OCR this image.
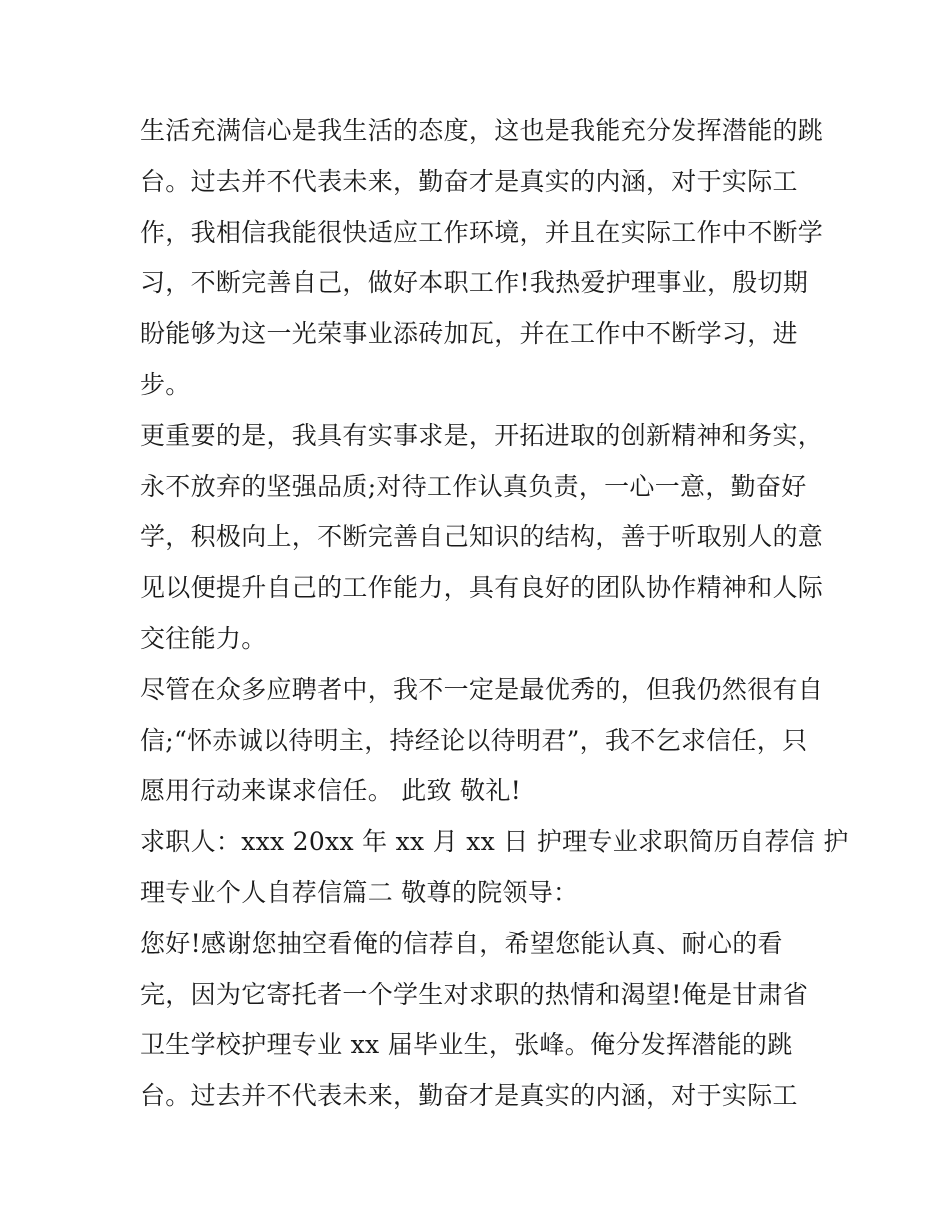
生活充满信心是我生活的态度，这也是我能充分发挥潜能的跳
台。过去并不代表未来，勤奋才是真实的内涵，对于实际工
作，我相信我能很快适应工作环境，并且在实际工作中不断学
习，不断完善自己，做好本职工作!我热爱护理事业，殷切期
盼能够为这一光荣事业添砖加瓦，并在工作中不断学习，进
步。
更重要的是，我具有实事求是，开拓进取的创新精神和务实，
永不放弃的坚强品质;对待工作认真负责，一心一意，勤奋好
学，积极向上，不断完善自己知识的结构，善于听取别人的意
见以便提升自己的工作能力，具有良好的团队协作精神和人际
交往能力。
尽管在众多应聘者中，我不一定是最优秀的，但我仍然很有自
信;“怀赤诚以待明主，持经论以待明君”，我不乞求信任，只
愿用行动来谋求信任。 此致 敬礼!
求职人：xxx 20xx 年 xx 月 xx 日 护理专业求职简历自荐信 护
理专业个人自荐信篇二 敬尊的院领导：
您好!感谢您抽空看俺的信荐自，希望您能认真、耐心的看
完，因为它寄托者一个学生对求职的热情和渴望!俺是甘肃省
卫生学校护理专业 xx 届毕业生，张峰。俺分发挥潜能的跳
台。过去并不代表未来，勤奋才是真实的内涵，对于实际工
